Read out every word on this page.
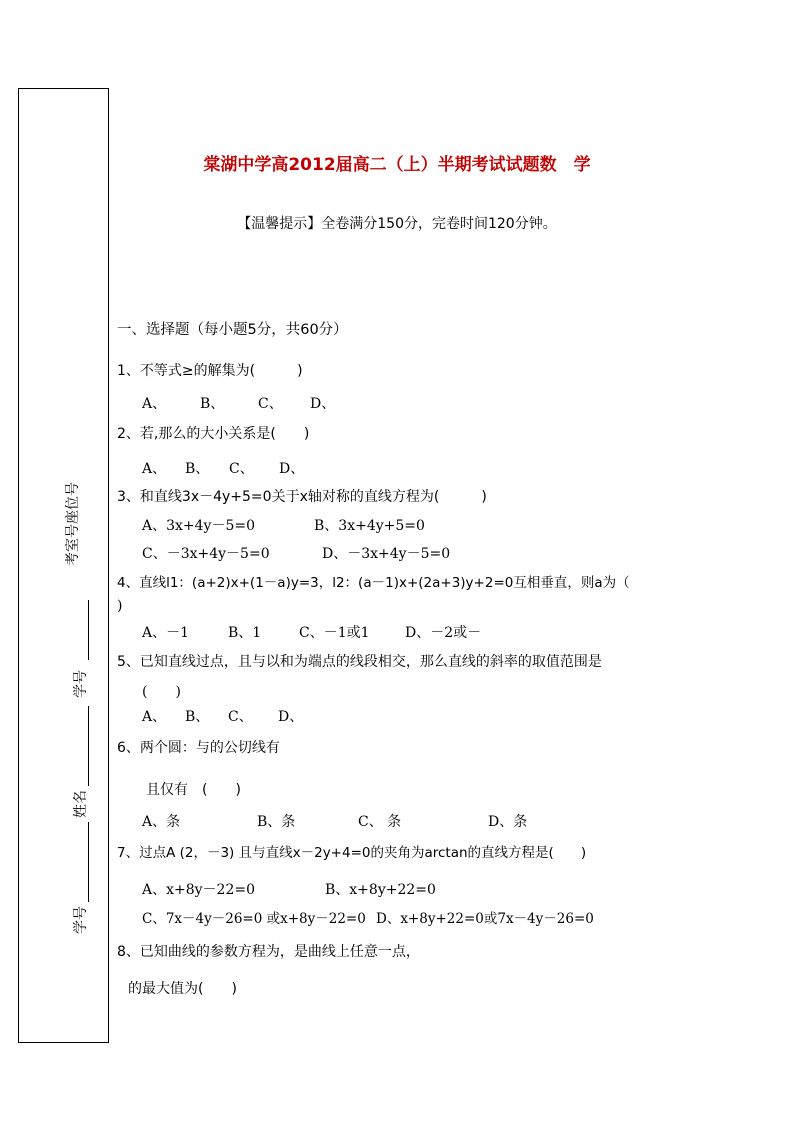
考室号座位号
学号
姓名
学号
棠湖中学高2012届高二（上）半期考试试题数　学
【温馨提示】全卷满分150分，完卷时间120分钟。
一、选择题（每小题5分，共60分）
1、不等式≥的解集为(　　　)
A、 B、 C、 D、
2、若,那么的大小关系是(　　)
A、 B、 C、 D、
3、和直线3x－4y+5=0关于x轴对称的直线方程为(　　　)
A、3x+4y－5=0	B、3x+4y+5=0
C、－3x+4y－5=0	D、－3x+4y－5=0
4、直线l1：(a+2)x+(1－a)y=3，l2：(a－1)x+(2a+3)y+2=0互相垂直，则a为（
)
A、－1	B、1	C、－1或1	D、－2或－
5、已知直线过点，且与以和为端点的线段相交，那么直线的斜率的取值范围是
(　　)
A、 B、 C、 D、
6、两个圆：与的公切线有
且仅有　(　　)
A、条	B、条	C、 条	D、条
7、过点A (2，－3) 且与直线x－2y+4=0的夹角为arctan的直线方程是(　　)
A、x+8y－22=0	B、x+8y+22=0
C、7x－4y－26=0 或x+8y－22=0 D、x+8y+22=0或7x－4y－26=0
8、已知曲线的参数方程为，是曲线上任意一点，
的最大值为(　　)
